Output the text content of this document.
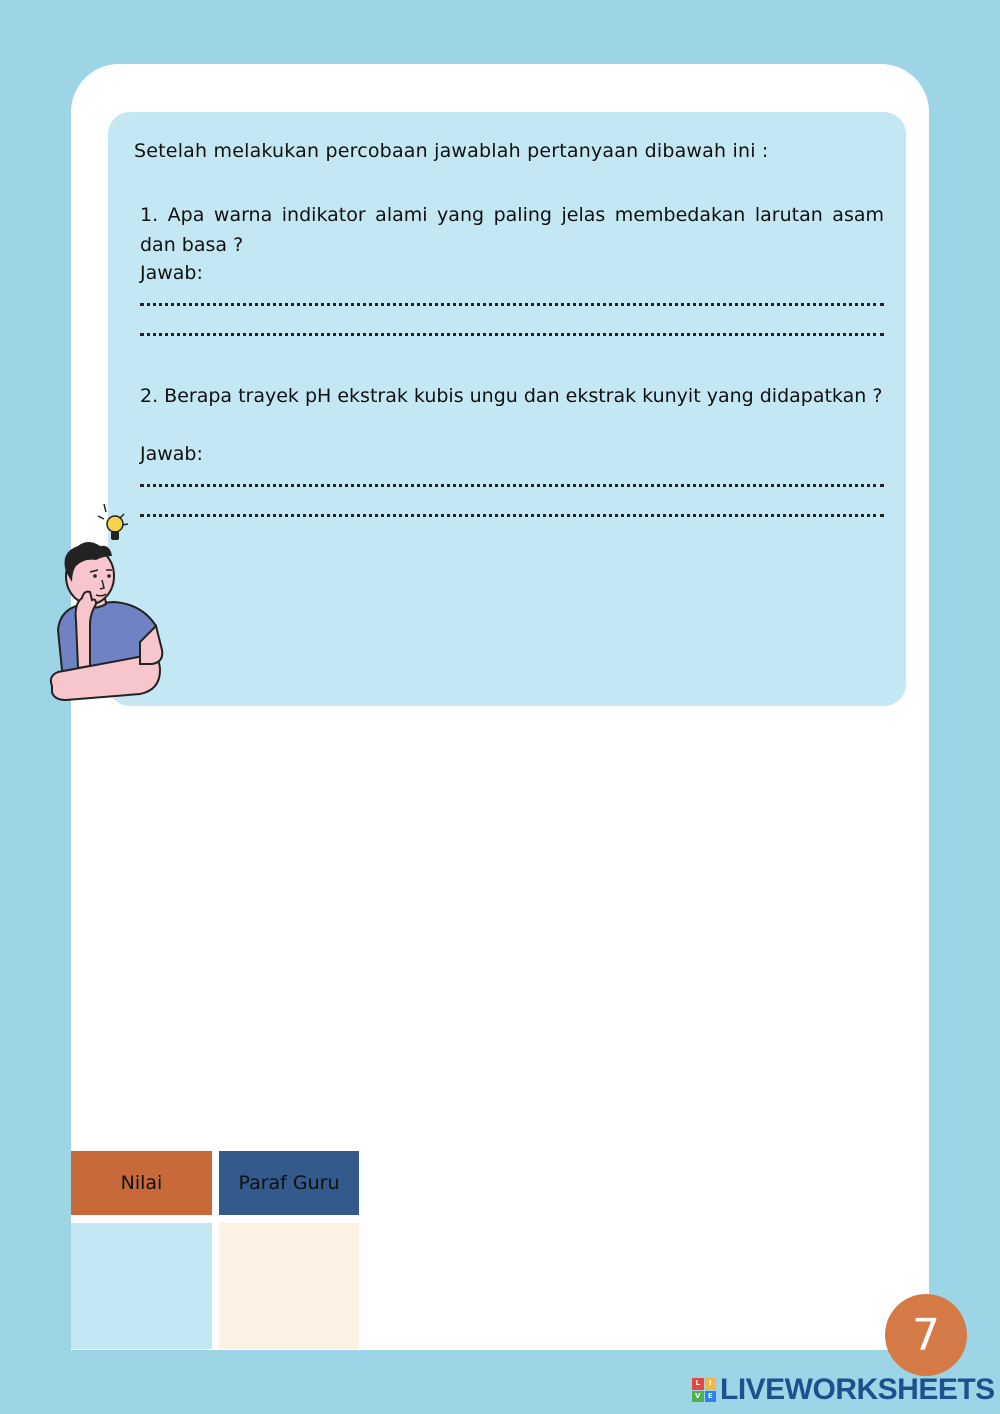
Setelah melakukan percobaan jawablah pertanyaan dibawah ini :
1. Apa warna indikator alami yang paling jelas membedakan larutan asam dan basa ?
Jawab:
2. Berapa trayek pH ekstrak kubis ungu dan ekstrak kunyit yang didapatkan ?
Jawab:
Nilai	Paraf Guru
7
L	I
V	E LIVEWORKSHEETS
